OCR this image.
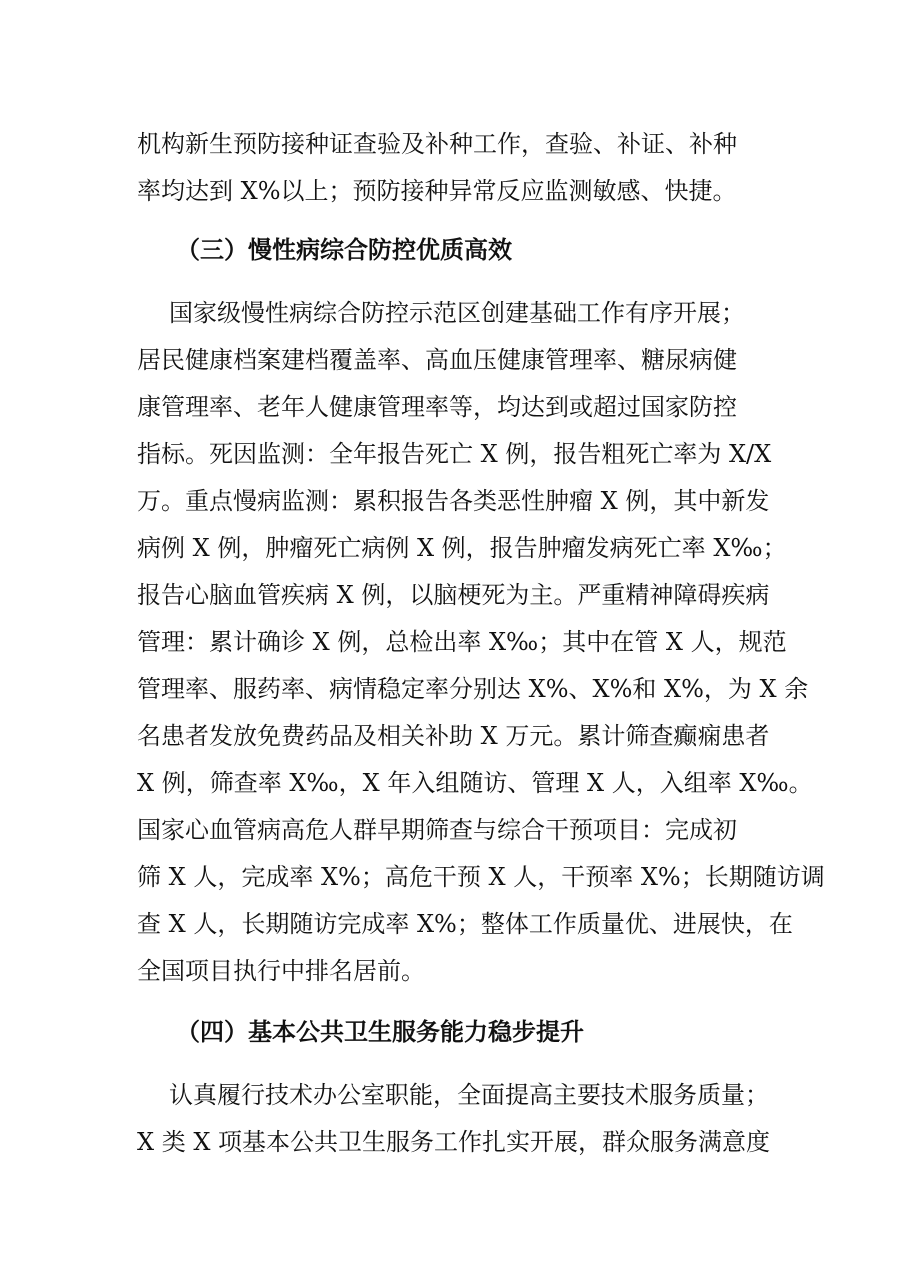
机构新生预防接种证查验及补种工作，查验、补证、补种
率均达到 X%以上；预防接种异常反应监测敏感、快捷。
（三）慢性病综合防控优质高效
国家级慢性病综合防控示范区创建基础工作有序开展；
居民健康档案建档覆盖率、高血压健康管理率、糖尿病健
康管理率、老年人健康管理率等，均达到或超过国家防控
指标。死因监测：全年报告死亡 X 例，报告粗死亡率为 X/X
万。重点慢病监测：累积报告各类恶性肿瘤 X 例，其中新发
病例 X 例，肿瘤死亡病例 X 例，报告肿瘤发病死亡率 X‰；
报告心脑血管疾病 X 例，以脑梗死为主。严重精神障碍疾病
管理：累计确诊 X 例，总检出率 X‰；其中在管 X 人，规范
管理率、服药率、病情稳定率分别达 X%、X%和 X%，为 X 余
名患者发放免费药品及相关补助 X 万元。累计筛查癫痫患者
X 例，筛查率 X‰，X 年入组随访、管理 X 人，入组率 X‰。
国家心血管病高危人群早期筛查与综合干预项目：完成初
筛 X 人，完成率 X%；高危干预 X 人，干预率 X%；长期随访调
查 X 人，长期随访完成率 X%；整体工作质量优、进展快，在
全国项目执行中排名居前。
（四）基本公共卫生服务能力稳步提升
认真履行技术办公室职能，全面提高主要技术服务质量；
X 类 X 项基本公共卫生服务工作扎实开展，群众服务满意度
